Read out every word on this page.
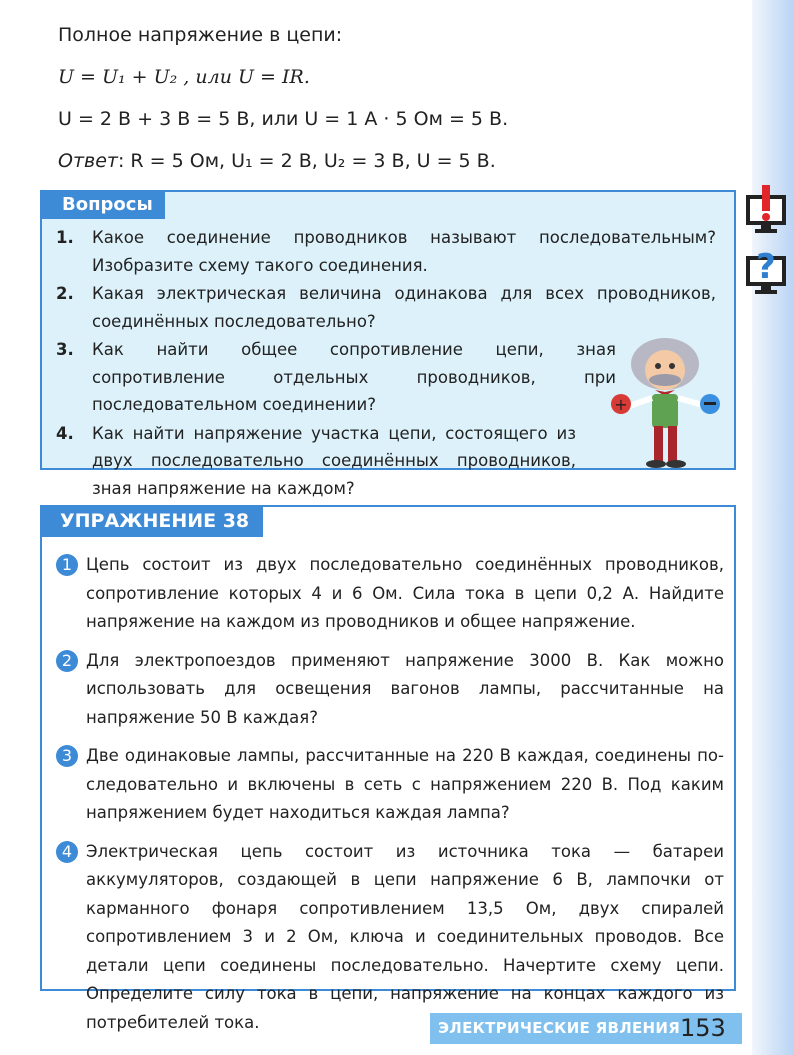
Полное напряжение в цепи:
U = U₁ + U₂ , или U = IR.
U = 2 В + 3 В = 5 В, или U = 1 А · 5 Ом = 5 В.
Ответ: R = 5 Ом, U₁ = 2 В, U₂ = 3 В, U = 5 В.
Вопросы
1.	Какое соединение проводников называют последовательным? Изобразите схему такого соединения.
2.	Какая электрическая величина одинакова для всех проводников, соединённых последовательно?
3.	Как найти общее сопротивление цепи, зная сопротивление отдельных проводников, при последовательном соединении?
4.	Как найти напряжение участка цепи, состоящего из двух последовательно соединённых проводников, зная напряжение на каждом?
+
?
УПРАЖНЕНИЕ 38
1 Цепь состоит из двух последовательно соединённых проводников, сопротивление которых 4 и 6 Ом. Сила тока в цепи 0,2 А. Найдите напряжение на каждом из проводников и общее напряжение.
2 Для электропоездов применяют напряжение 3000 В. Как можно использовать для освещения вагонов лампы, рассчитанные на напряжение 50 В каждая?
3 Две одинаковые лампы, рассчитанные на 220 В каждая, соединены последовательно и включены в сеть с напряжением 220 В. Под каким напряжением будет находиться каждая лампа?
4 Электрическая цепь состоит из источника тока — батареи аккумуляторов, создающей в цепи напряжение 6 В, лампочки от карманного фонаря сопротивлением 13,5 Ом, двух спиралей сопротивлением 3 и 2 Ом, ключа и соединительных проводов. Все детали цепи соединены последовательно. Начертите схему цепи. Определите силу тока в цепи, напряжение на концах каждого из потребителей тока.	ЭЛЕКТРИЧЕСКИЕ ЯВЛЕНИЯ 153
